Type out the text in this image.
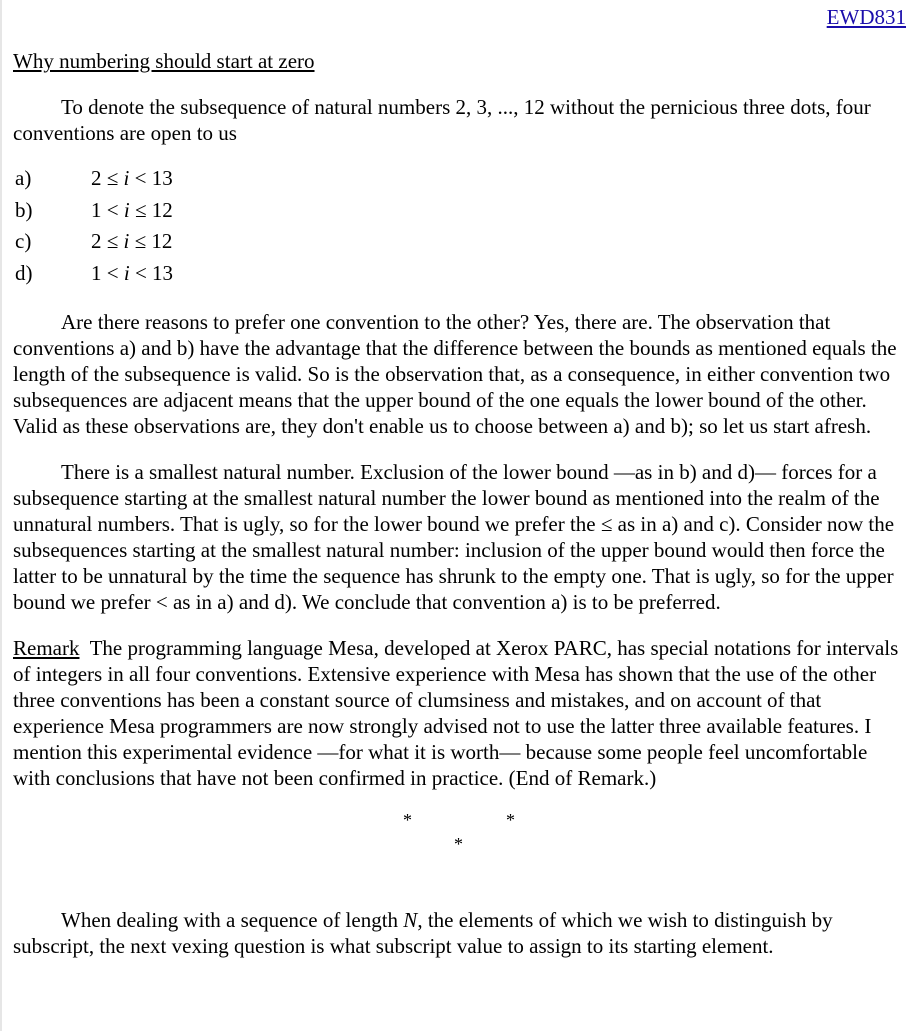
EWD831
Why numbering should start at zero

To denote the subsequence of natural numbers 2, 3, ..., 12 without the pernicious three dots, four conventions are open to us

a)	2 ≤ i < 13
b)	1 < i ≤ 12
c)	2 ≤ i ≤ 12
d)	1 < i < 13

Are there reasons to prefer one convention to the other? Yes, there are. The observation that conventions a) and b) have the advantage that the difference between the bounds as mentioned equals the length of the subsequence is valid. So is the observation that, as a consequence, in either convention two subsequences are adjacent means that the upper bound of the one equals the lower bound of the other. Valid as these observations are, they don't enable us to choose between a) and b); so let us start afresh.

There is a smallest natural number. Exclusion of the lower bound —as in b) and d)— forces for a subsequence starting at the smallest natural number the lower bound as mentioned into the realm of the unnatural numbers. That is ugly, so for the lower bound we prefer the ≤ as in a) and c). Consider now the subsequences starting at the smallest natural number: inclusion of the upper bound would then force the latter to be unnatural by the time the sequence has shrunk to the empty one. That is ugly, so for the upper bound we prefer < as in a) and d). We conclude that convention a) is to be preferred.

Remark The programming language Mesa, developed at Xerox PARC, has special notations for intervals of integers in all four conventions. Extensive experience with Mesa has shown that the use of the other three conventions has been a constant source of clumsiness and mistakes, and on account of that experience Mesa programmers are now strongly advised not to use the latter three available features. I mention this experimental evidence —for what it is worth— because some people feel uncomfortable with conclusions that have not been confirmed in practice. (End of Remark.)

*	*
*

When dealing with a sequence of length N, the elements of which we wish to distinguish by subscript, the next vexing question is what subscript value to assign to its starting element.
